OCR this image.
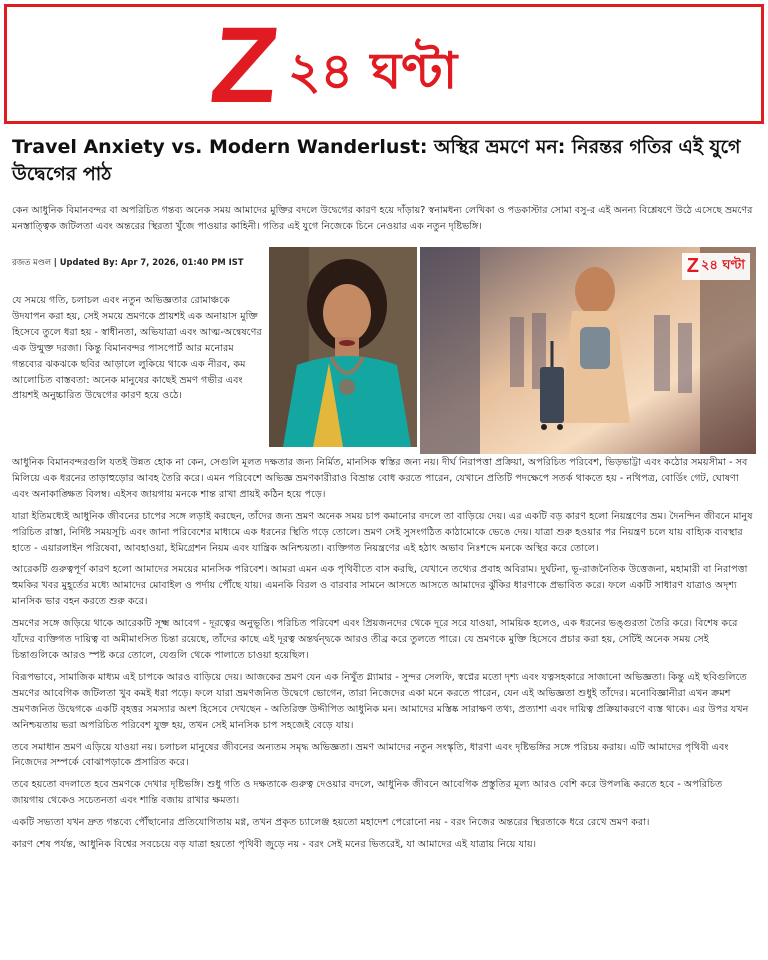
Z ২৪ ঘণ্টা
Travel Anxiety vs. Modern Wanderlust: অস্থির ভ্রমণে মন: নিরন্তর গতির এই যুগে উদ্বেগের পাঠ

কেন আধুনিক বিমানবন্দর বা অপরিচিত গন্তব্য অনেক সময় আমাদের মুক্তির বদলে উদ্বেগের কারণ হয়ে দাঁড়ায়? স্বনামধন্য লেখিকা ও পডকাস্টার সোমা বসু-র এই অনন্য বিশ্লেষণে উঠে এসেছে ভ্রমণের মনস্তাত্ত্বিক জটিলতা এবং অন্তরের স্থিরতা খুঁজে পাওয়ার কাহিনী। গতির এই যুগে নিজেকে চিনে নেওয়ার এক নতুন দৃষ্টিভঙ্গি।

রজত মণ্ডল | Updated By: Apr 7, 2026, 01:40 PM IST	Z ২৪ ঘণ্টা

যে সময়ে গতি, চলাচল এবং নতুন অভিজ্ঞতার রোমাঞ্চকে উদযাপন করা হয়, সেই সময়ে ভ্রমণকে প্রায়শই এক অনায়াস মুক্তি হিসেবে তুলে ধরা হয় - স্বাধীনতা, অভিযাত্রা এবং আত্ম-অন্বেষণের এক উন্মুক্ত দরজা। কিন্তু বিমানবন্দর পাসপোর্ট আর মনোরম গন্তব্যের ঝকঝকে ছবির আড়ালে লুকিয়ে থাকে এক নীরব, কম আলোচিত বাস্তবতা: অনেক মানুষের কাছেই ভ্রমণ গভীর এবং প্রায়শই অনুচ্চারিত উদ্বেগের কারণ হয়ে ওঠে।

আধুনিক বিমানবন্দরগুলি যতই উন্নত হোক না কেন, সেগুলি মূলত দক্ষতার জন্য নির্মিত, মানসিক স্বস্তির জন্য নয়। দীর্ঘ নিরাপত্তা প্রক্রিয়া, অপরিচিত পরিবেশ, ভিড়ভাট্টা এবং কঠোর সময়সীমা - সব মিলিয়ে এক ধরনের তাড়াহুড়োর আবহ তৈরি করে। এমন পরিবেশে অভিজ্ঞ ভ্রমণকারীরাও বিভ্রান্ত বোধ করতে পারেন, যেখানে প্রতিটি পদক্ষেপে সতর্ক থাকতে হয় - নথিপত্র, বোর্ডিং গেট, ঘোষণা এবং অনাকাঙ্ক্ষিত বিলম্ব। এইসব জায়গায় মনকে শান্ত রাখা প্রায়ই কঠিন হয়ে পড়ে।

যারা ইতিমধ্যেই আধুনিক জীবনের চাপের সঙ্গে লড়াই করছেন, তাঁদের জন্য ভ্রমণ অনেক সময় চাপ কমানোর বদলে তা বাড়িয়ে দেয়। এর একটি বড় কারণ হলো নিয়ন্ত্রণের ভ্রম। দৈনন্দিন জীবনে মানুষ পরিচিত রাস্তা, নির্দিষ্ট সময়সূচি এবং জানা পরিবেশের মাধ্যমে এক ধরনের স্থিতি গড়ে তোলে। ভ্রমণ সেই সুসংগঠিত কাঠামোকে ভেঙে দেয়। যাত্রা শুরু হওয়ার পর নিয়ন্ত্রণ চলে যায় বাহ্যিক ব্যবস্থার হাতে - এয়ারলাইন পরিষেবা, আবহাওয়া, ইমিগ্রেশন নিয়ম এবং যান্ত্রিক অনিশ্চয়তা। ব্যক্তিগত নিয়ন্ত্রণের এই হঠাৎ অভাব নিঃশব্দে মনকে অস্থির করে তোলে।

আরেকটি গুরুত্বপূর্ণ কারণ হলো আমাদের সময়ের মানসিক পরিবেশ। আমরা এমন এক পৃথিবীতে বাস করছি, যেখানে তথ্যের প্রবাহ অবিরাম। দুর্ঘটনা, ভূ-রাজনৈতিক উত্তেজনা, মহামারী বা নিরাপত্তা হুমকির খবর মুহূর্তের মধ্যে আমাদের মোবাইল ও পর্দায় পৌঁছে যায়। এমনকি বিরল ও বারবার সামনে আসতে আসতে আমাদের ঝুঁকির ধারণাকে প্রভাবিত করে। ফলে একটি সাধারণ যাত্রাও অদৃশ্য মানসিক ভার বহন করতে শুরু করে।

ভ্রমণের সঙ্গে জড়িয়ে থাকে আরেকটি সূক্ষ্ম আবেগ - দূরত্বের অনুভূতি। পরিচিত পরিবেশ এবং প্রিয়জনদের থেকে দূরে সরে যাওয়া, সাময়িক হলেও, এক ধরনের ভঙ্গুরতা তৈরি করে। বিশেষ করে যাঁদের ব্যক্তিগত দায়িত্ব বা অমীমাংসিত চিন্তা রয়েছে, তাঁদের কাছে এই দূরত্ব অন্তর্দ্বন্দ্বকে আরও তীব্র করে তুলতে পারে। যে ভ্রমণকে মুক্তি হিসেবে প্রচার করা হয়, সেটিই অনেক সময় সেই চিন্তাগুলিকে আরও স্পষ্ট করে তোলে, যেগুলি থেকে পালাতে চাওয়া হয়েছিল।

বিরূপভাবে, সামাজিক মাধ্যম এই চাপকে আরও বাড়িয়ে দেয়। আজকের ভ্রমণ যেন এক নিখুঁত গ্ল্যামার - সুন্দর সেলফি, স্বপ্নের মতো দৃশ্য এবং যত্নসহকারে সাজানো অভিজ্ঞতা। কিন্তু এই ছবিগুলিতে ভ্রমণের আবেগিক জটিলতা খুব কমই ধরা পড়ে। ফলে যারা ভ্রমণজনিত উদ্বেগে ভোগেন, তারা নিজেদের একা মনে করতে পারেন, যেন এই অভিজ্ঞতা শুধুই তাঁদের। মনোবিজ্ঞানীরা এখন ক্রমশ ভ্রমণজনিত উদ্বেগকে একটি বৃহত্তর সমস্যার অংশ হিসেবে দেখছেন - অতিরিক্ত উদ্দীপিত আধুনিক মন। আমাদের মস্তিষ্ক সারাক্ষণ তথ্য, প্রত্যাশা এবং দায়িত্ব প্রক্রিয়াকরণে ব্যস্ত থাকে। এর উপর যখন অনিশ্চয়তায় ভরা অপরিচিত পরিবেশ যুক্ত হয়, তখন সেই মানসিক চাপ সহজেই বেড়ে যায়।

তবে সমাধান ভ্রমণ এড়িয়ে যাওয়া নয়। চলাচল মানুষের জীবনের অন্যতম সমৃদ্ধ অভিজ্ঞতা। ভ্রমণ আমাদের নতুন সংস্কৃতি, ধারণা এবং দৃষ্টিভঙ্গির সঙ্গে পরিচয় করায়। এটি আমাদের পৃথিবী এবং নিজেদের সম্পর্কে বোঝাপড়াকে প্রসারিত করে।

তবে হয়তো বদলাতে হবে ভ্রমণকে দেখার দৃষ্টিভঙ্গি। শুধু গতি ও দক্ষতাকে গুরুত্ব দেওয়ার বদলে, আধুনিক জীবনে আবেগিক প্রস্তুতির মূল্য আরও বেশি করে উপলব্ধি করতে হবে - অপরিচিত জায়গায় থেকেও সচেতনতা এবং শান্তি বজায় রাখার ক্ষমতা।

একটি সভ্যতা যখন দ্রুত গন্তব্যে পৌঁছানোর প্রতিযোগিতায় মগ্ন, তখন প্রকৃত চ্যালেঞ্জ হয়তো মহাদেশ পেরোনো নয় - বরং নিজের অন্তরের স্থিরতাকে ধরে রেখে ভ্রমণ করা।

কারণ শেষ পর্যন্ত, আধুনিক বিশ্বের সবচেয়ে বড় যাত্রা হয়তো পৃথিবী জুড়ে নয় - বরং সেই মনের ভিতরেই, যা আমাদের এই যাত্রায় নিয়ে যায়।
